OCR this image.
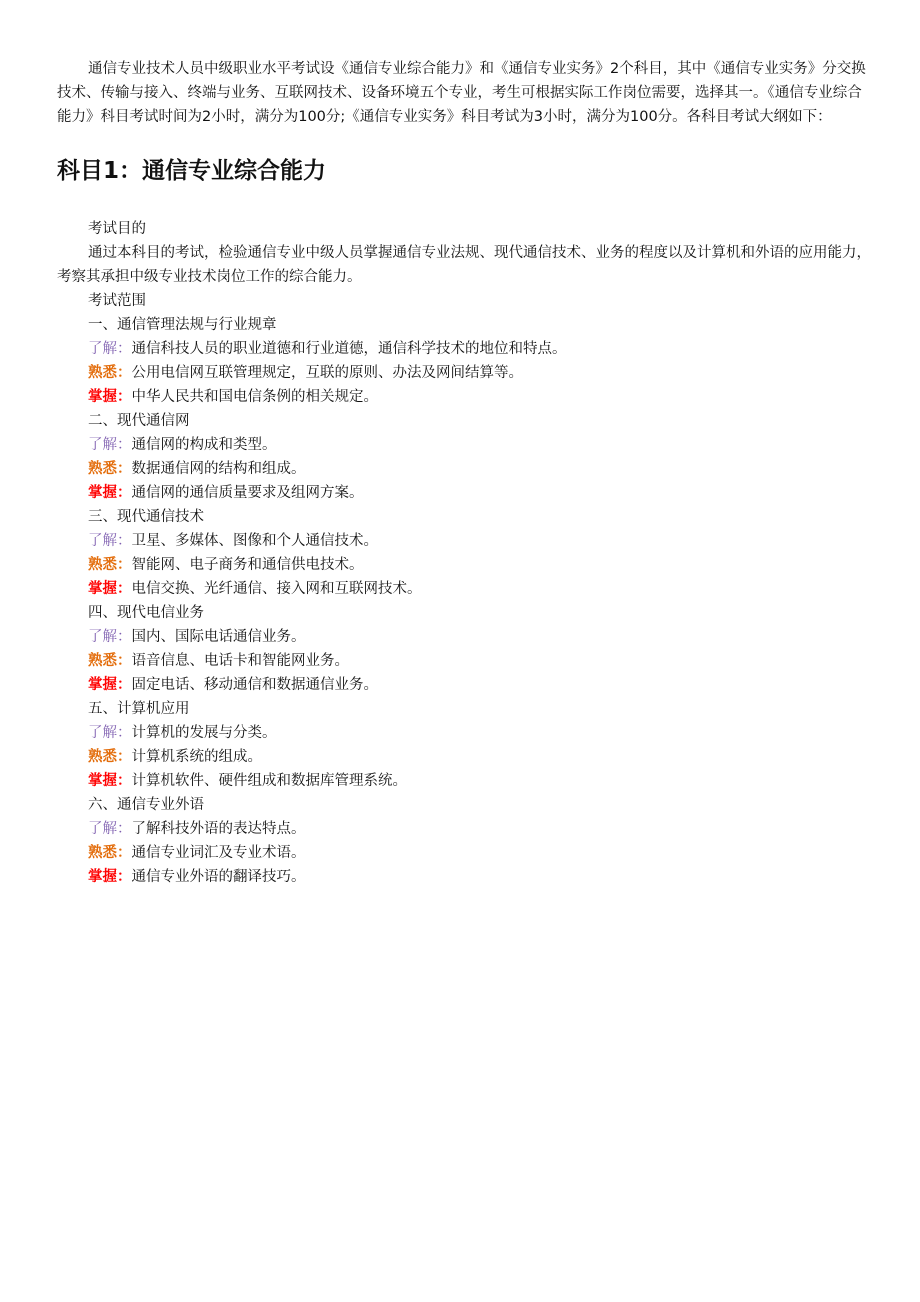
通信专业技术人员中级职业水平考试设《通信专业综合能力》和《通信专业实务》2个科目，其中《通信专业实务》分交换技术、传输与接入、终端与业务、互联网技术、设备环境五个专业，考生可根据实际工作岗位需要，选择其一。《通信专业综合能力》科目考试时间为2小时，满分为100分;《通信专业实务》科目考试为3小时，满分为100分。各科目考试大纲如下：

科目1：通信专业综合能力

考试目的

通过本科目的考试，检验通信专业中级人员掌握通信专业法规、现代通信技术、业务的程度以及计算机和外语的应用能力，考察其承担中级专业技术岗位工作的综合能力。

考试范围

一、通信管理法规与行业规章

了解：通信科技人员的职业道德和行业道德，通信科学技术的地位和特点。

熟悉：公用电信网互联管理规定，互联的原则、办法及网间结算等。

掌握：中华人民共和国电信条例的相关规定。

二、现代通信网

了解：通信网的构成和类型。

熟悉：数据通信网的结构和组成。

掌握：通信网的通信质量要求及组网方案。

三、现代通信技术

了解：卫星、多媒体、图像和个人通信技术。

熟悉：智能网、电子商务和通信供电技术。

掌握：电信交换、光纤通信、接入网和互联网技术。

四、现代电信业务

了解：国内、国际电话通信业务。

熟悉：语音信息、电话卡和智能网业务。

掌握：固定电话、移动通信和数据通信业务。

五、计算机应用

了解：计算机的发展与分类。

熟悉：计算机系统的组成。

掌握：计算机软件、硬件组成和数据库管理系统。

六、通信专业外语

了解：了解科技外语的表达特点。

熟悉：通信专业词汇及专业术语。

掌握：通信专业外语的翻译技巧。
